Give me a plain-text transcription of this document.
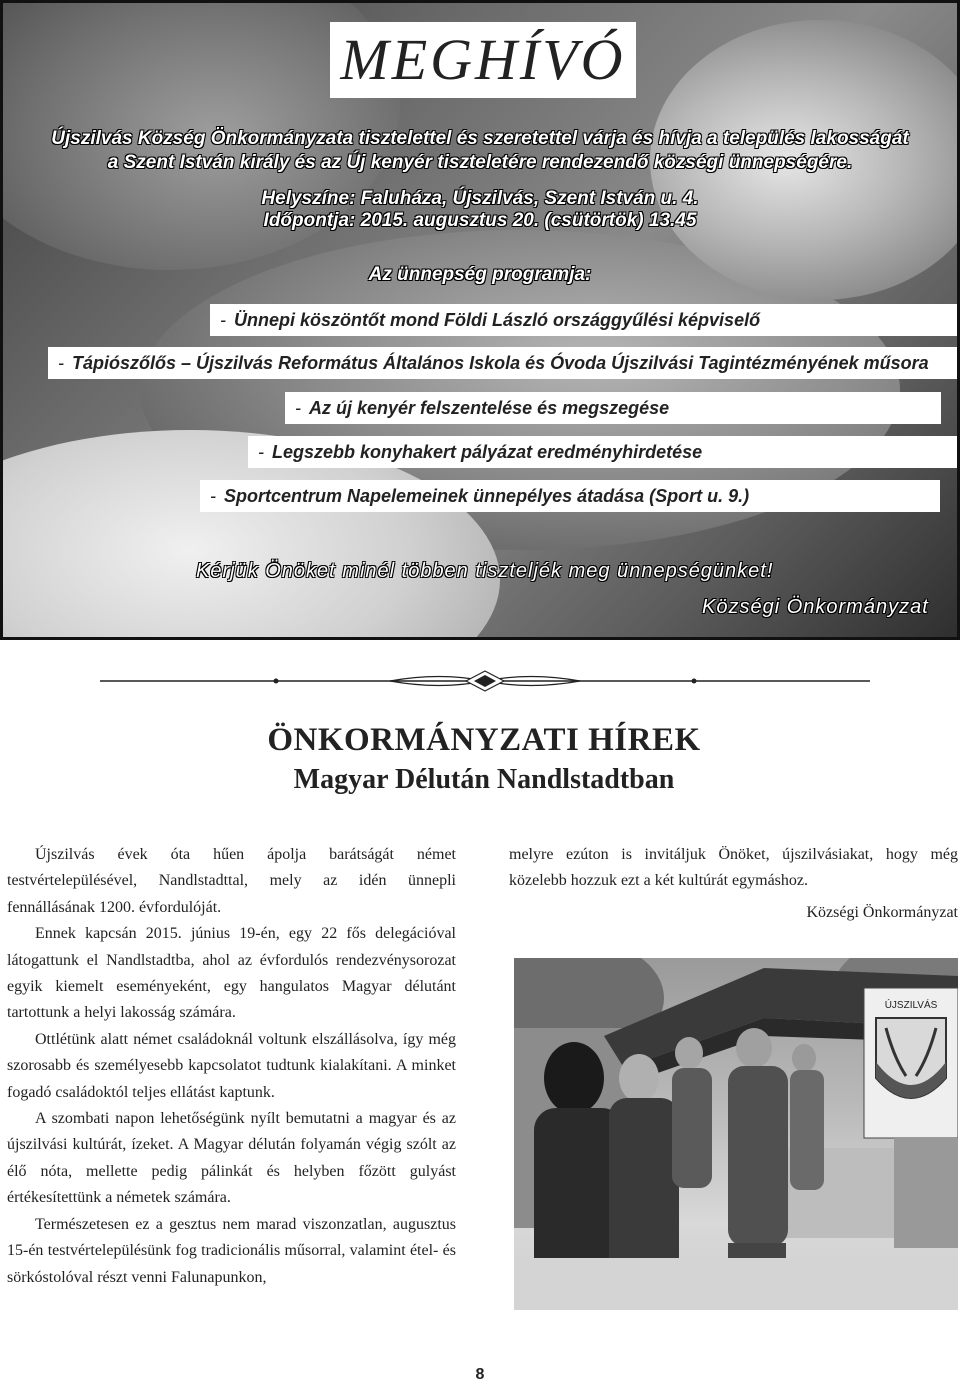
MEGHÍVÓ
Újszilvás Község Önkormányzata tisztelettel és szeretettel várja és hívja a település lakosságát
a Szent István király és az Új kenyér tiszteletére rendezendő községi ünnepségére.
Helyszíne: Faluháza, Újszilvás, Szent István u. 4.
Időpontja: 2015. augusztus 20. (csütörtök) 13.45
Az ünnepség programja:
- Ünnepi köszöntőt mond Földi László országgyűlési képviselő
- Tápiószőlős – Újszilvás Református Általános Iskola és Óvoda Újszilvási Tagintézményének műsora
- Az új kenyér felszentelése és megszegése
- Legszebb konyhakert pályázat eredményhirdetése
- Sportcentrum Napelemeinek ünnepélyes átadása (Sport u. 9.)
Kérjük Önöket minél többen tiszteljék meg ünnepségünket!
Községi Önkormányzat
ÖNKORMÁNYZATI HÍREK
Magyar Délután Nandlstadtban

Újszilvás évek óta hűen ápolja barátságát német testvértelepülésével, Nandlstadttal, mely az idén ünnepli fennállásának 1200. évfordulóját.

Ennek kapcsán 2015. június 19-én, egy 22 fős delegációval látogattunk el Nandlstadtba, ahol az évfordulós rendezvénysorozat egyik kiemelt eseményeként, egy hangulatos Magyar délutánt tartottunk a helyi lakosság számára.

Ottlétünk alatt német családoknál voltunk elszállásolva, így még szorosabb és személyesebb kapcsolatot tudtunk kialakítani. A minket fogadó családoktól teljes ellátást kaptunk.

A szombati napon lehetőségünk nyílt bemutatni a magyar és az újszilvási kultúrát, ízeket. A Magyar délután folyamán végig szólt az élő nóta, mellette pedig pálinkát és helyben főzött gulyást értékesítettünk a németek számára.

Természetesen ez a gesztus nem marad viszonzatlan, augusztus 15-én testvértelepülésünk fog tradicionális műsorral, valamint étel- és sörkóstolóval részt venni Falunapunkon,

melyre ezúton is invitáljuk Önöket, újszilvásiakat, hogy még közelebb hozzuk ezt a két kultúrát egymáshoz.

Községi Önkormányzat
ÚJSZILVÁS
8
